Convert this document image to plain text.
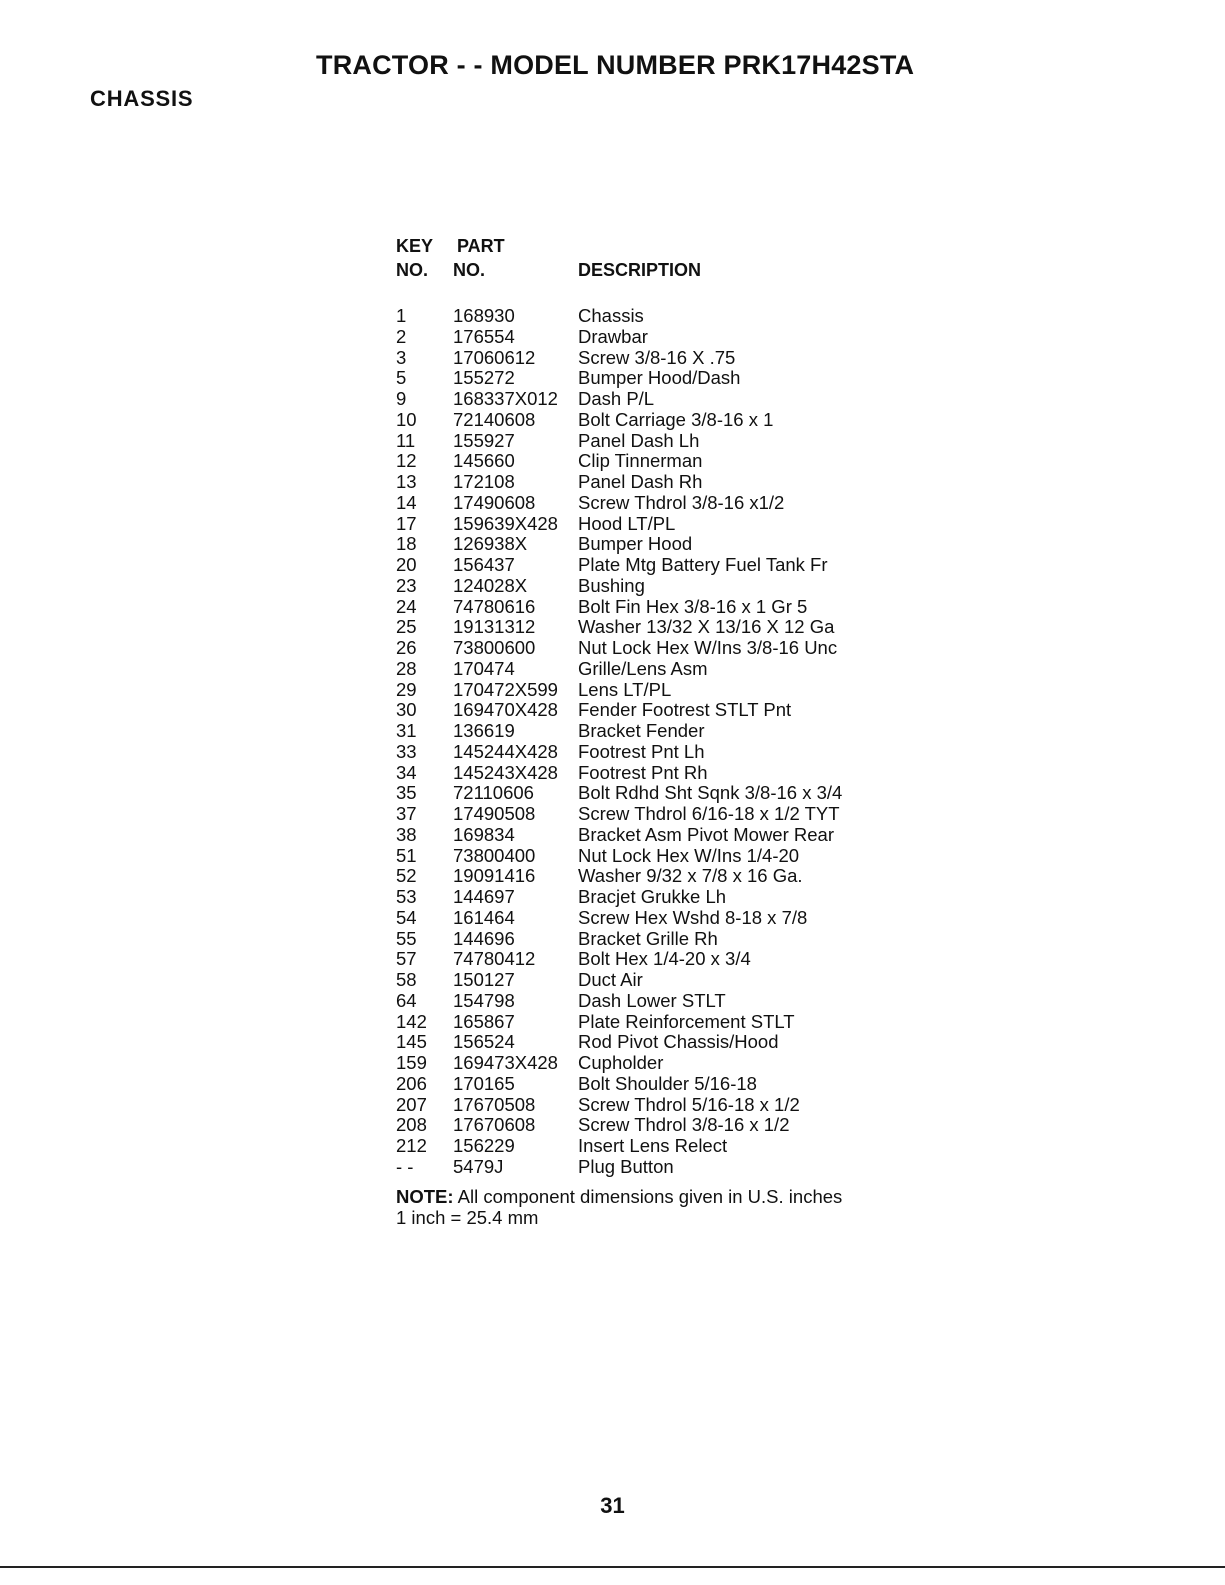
TRACTOR - - MODEL NUMBER PRK17H42STA
CHASSIS
KEY
NO.
PART
NO.	DESCRIPTION
1	168930	Chassis
2	176554	Drawbar
3	17060612 Screw 3/8-16 X .75
5	155272	Bumper Hood/Dash
9	168337X012 Dash P/L
10 72140608 Bolt Carriage 3/8-16 x 1
11 155927	Panel Dash Lh
12 145660	Clip Tinnerman
13 172108	Panel Dash Rh
14 17490608 Screw Thdrol 3/8-16 x1/2
17 159639X428 Hood LT/PL
18 126938X	Bumper Hood
20 156437	Plate Mtg Battery Fuel Tank Fr
23 124028X	Bushing
24 74780616 Bolt Fin Hex 3/8-16 x 1 Gr 5
25 19131312 Washer 13/32 X 13/16 X 12 Ga
26 73800600 Nut Lock Hex W/Ins 3/8-16 Unc
28 170474	Grille/Lens Asm
29 170472X599 Lens LT/PL
30 169470X428 Fender Footrest STLT Pnt
31 136619	Bracket Fender
33 145244X428 Footrest Pnt Lh
34 145243X428 Footrest Pnt Rh
35 72110606 Bolt Rdhd Sht Sqnk 3/8-16 x 3/4
37 17490508 Screw Thdrol 6/16-18 x 1/2 TYT
38 169834	Bracket Asm Pivot Mower Rear
51 73800400 Nut Lock Hex W/Ins 1/4-20
52 19091416 Washer 9/32 x 7/8 x 16 Ga.
53 144697	Bracjet Grukke Lh
54 161464	Screw Hex Wshd 8-18 x 7/8
55 144696	Bracket Grille Rh
57 74780412 Bolt Hex 1/4-20 x 3/4
58 150127	Duct Air
64 154798	Dash Lower STLT
142 165867	Plate Reinforcement STLT
145 156524	Rod Pivot Chassis/Hood
159 169473X428 Cupholder
206 170165	Bolt Shoulder 5/16-18
207 17670508 Screw Thdrol 5/16-18 x 1/2
208 17670608 Screw Thdrol 3/8-16 x 1/2
212 156229	Insert Lens Relect
- - 5479J	Plug Button
NOTE: All component dimensions given in U.S. inches
1 inch = 25.4 mm
31
